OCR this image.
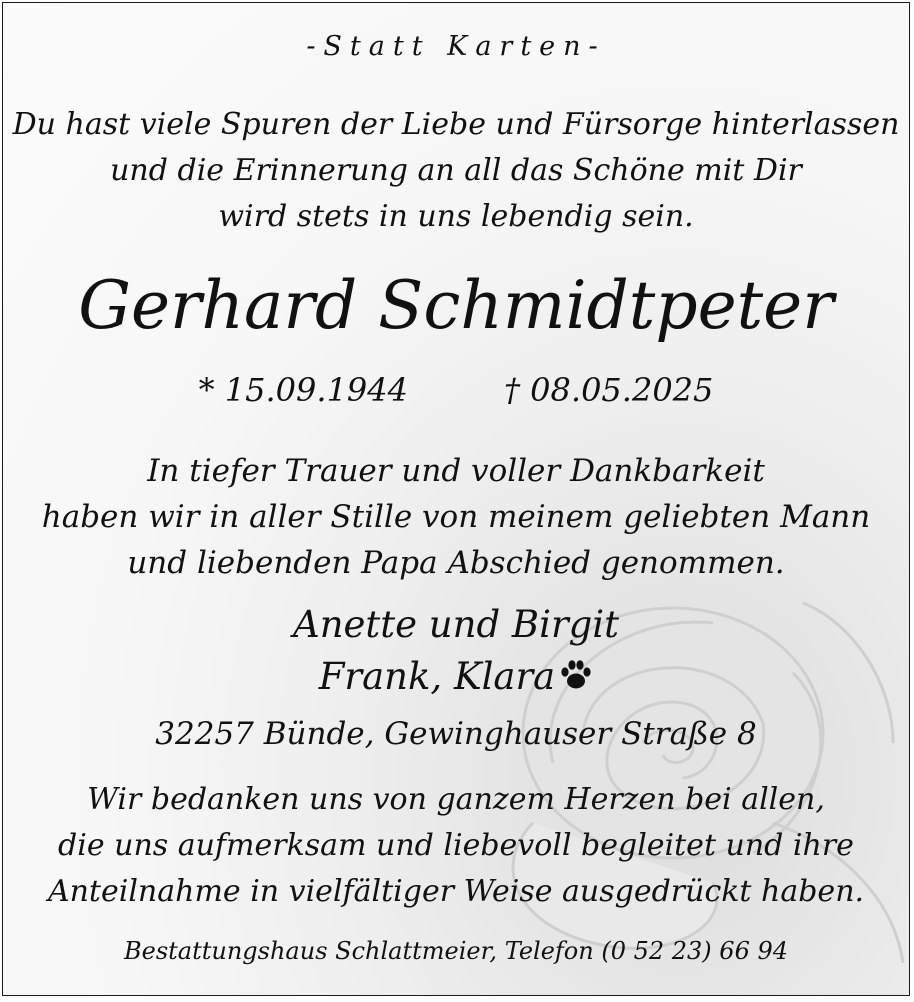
-Statt Karten-
Du hast viele Spuren der Liebe und Fürsorge hinterlassen
und die Erinnerung an all das Schöne mit Dir
wird stets in uns lebendig sein.
Gerhard Schmidtpeter
* 15.09.1944	† 08.05.2025
In tiefer Trauer und voller Dankbarkeit
haben wir in aller Stille von meinem geliebten Mann
und liebenden Papa Abschied genommen.
Anette und Birgit
Frank, Klara
32257 Bünde, Gewinghauser Straße 8
Wir bedanken uns von ganzem Herzen bei allen,
die uns aufmerksam und liebevoll begleitet und ihre
Anteilnahme in vielfältiger Weise ausgedrückt haben.
Bestattungshaus Schlattmeier, Telefon (0 52 23) 66 94
